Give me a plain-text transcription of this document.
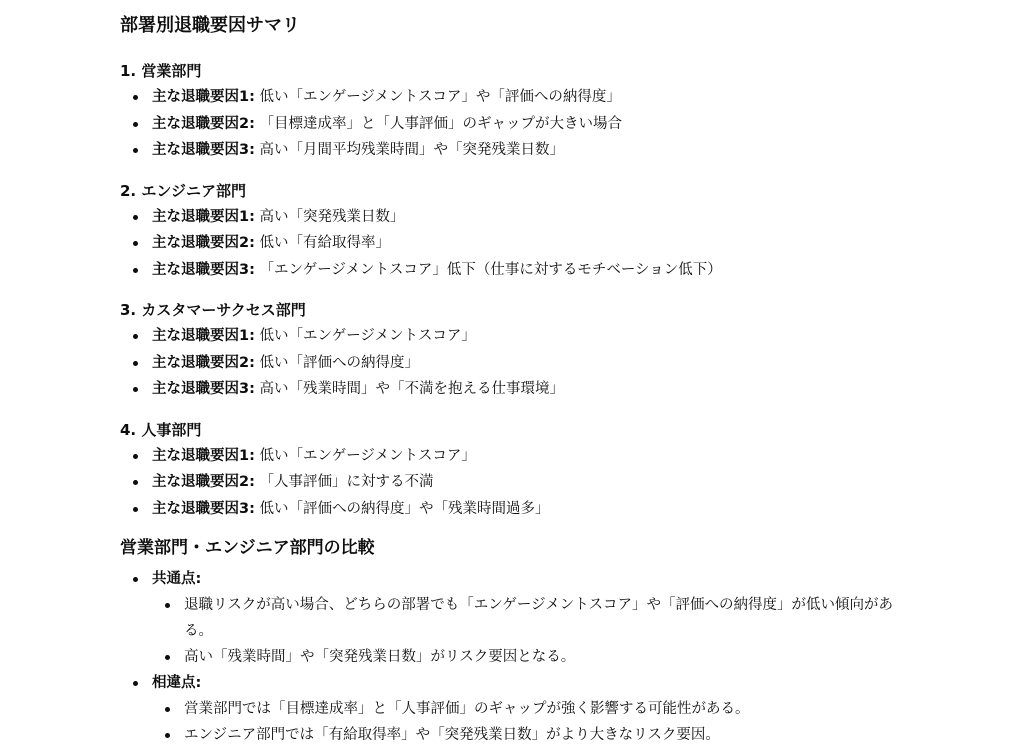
部署別退職要因サマリ
1. 営業部門
主な退職要因1: 低い「エンゲージメントスコア」や「評価への納得度」
主な退職要因2: 「目標達成率」と「人事評価」のギャップが大きい場合
主な退職要因3: 高い「月間平均残業時間」や「突発残業日数」
2. エンジニア部門
主な退職要因1: 高い「突発残業日数」
主な退職要因2: 低い「有給取得率」
主な退職要因3: 「エンゲージメントスコア」低下（仕事に対するモチベーション低下）
3. カスタマーサクセス部門
主な退職要因1: 低い「エンゲージメントスコア」
主な退職要因2: 低い「評価への納得度」
主な退職要因3: 高い「残業時間」や「不満を抱える仕事環境」
4. 人事部門
主な退職要因1: 低い「エンゲージメントスコア」
主な退職要因2: 「人事評価」に対する不満
主な退職要因3: 低い「評価への納得度」や「残業時間過多」
営業部門・エンジニア部門の比較
共通点:
退職リスクが高い場合、どちらの部署でも「エンゲージメントスコア」や「評価への納得度」が低い傾向がある。
高い「残業時間」や「突発残業日数」がリスク要因となる。
相違点:
営業部門では「目標達成率」と「人事評価」のギャップが強く影響する可能性がある。
エンジニア部門では「有給取得率」や「突発残業日数」がより大きなリスク要因。
